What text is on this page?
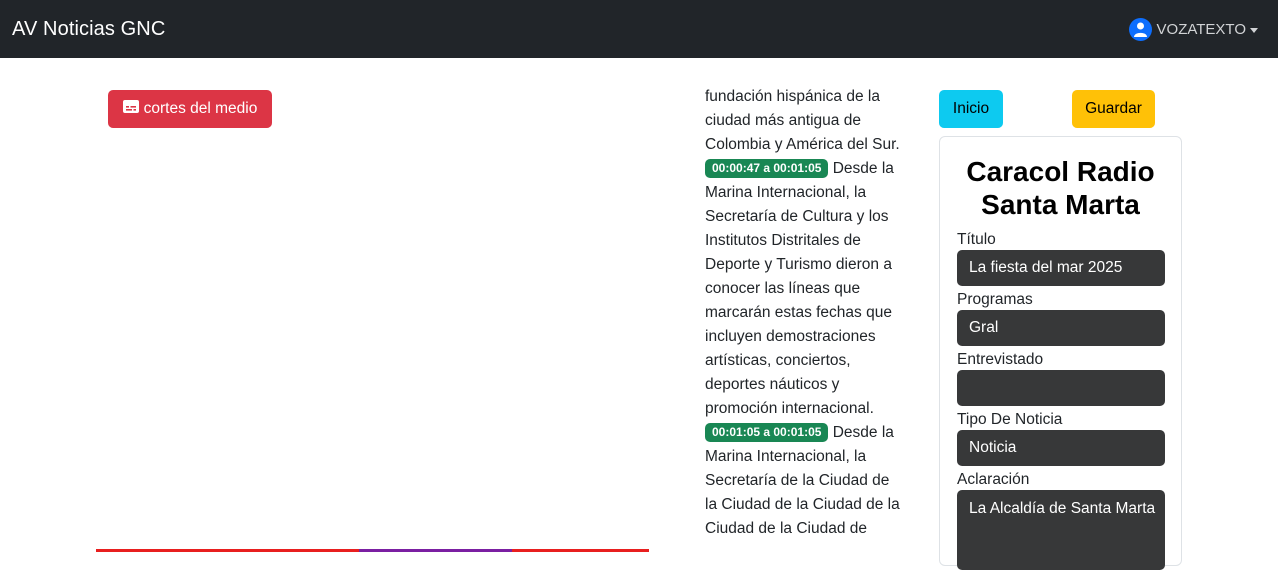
AV Noticias GNC	VOZATEXTO
cortes del medio
fundación hispánica de la ciudad más antigua de Colombia y América del Sur.
00:00:47 a 00:01:05 Desde la Marina Internacional, la Secretaría de Cultura y los Institutos Distritales de Deporte y Turismo dieron a conocer las líneas que marcarán estas fechas que incluyen demostraciones artísticas, conciertos, deportes náuticos y promoción internacional.
00:01:05 a 00:01:05 Desde la Marina Internacional, la Secretaría de la Ciudad de la Ciudad de la Ciudad de la Ciudad de la Ciudad de
Inicio	Guardar
Caracol Radio Santa Marta
Título
La fiesta del mar 2025
Programas
Gral
Entrevistado
Tipo De Noticia
Noticia
Aclaración
La Alcaldía de Santa Marta
